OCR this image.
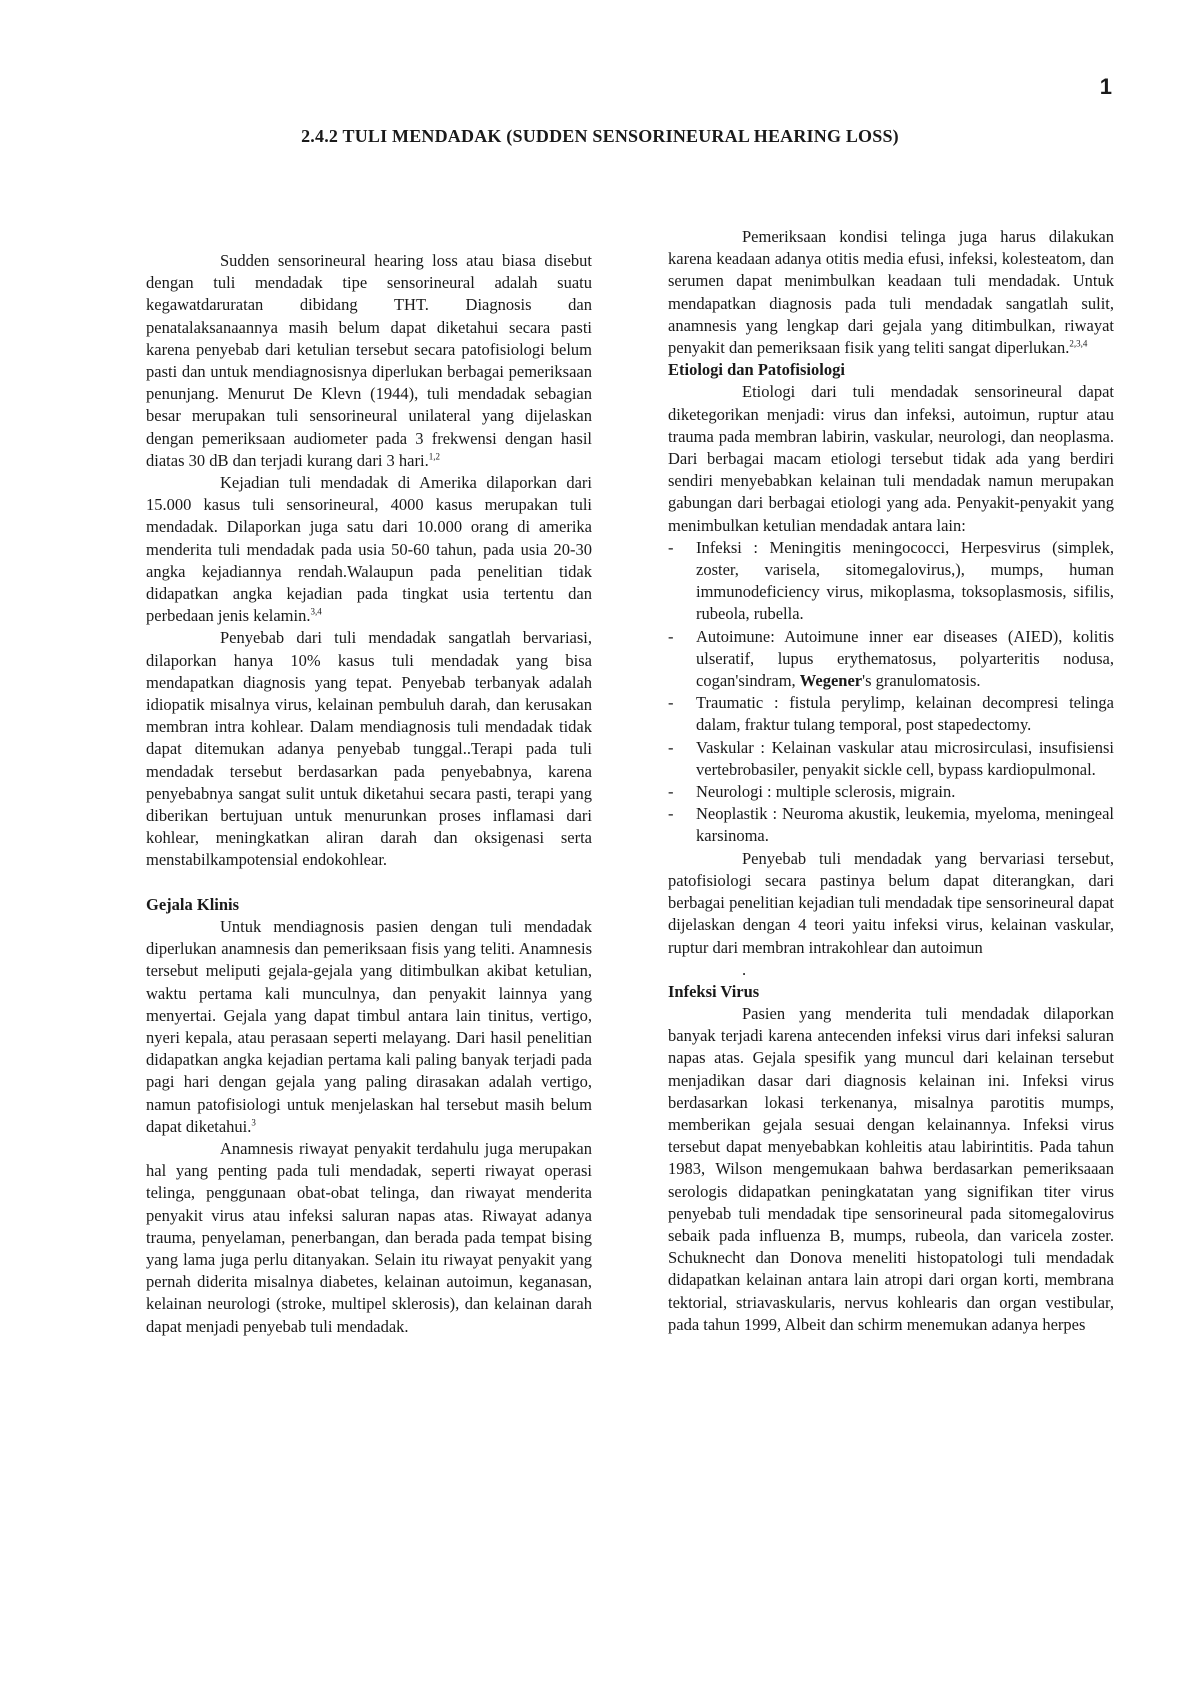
1
2.4.2 TULI MENDADAK (SUDDEN SENSORINEURAL HEARING LOSS)

Sudden sensorineural hearing loss atau biasa disebut dengan tuli mendadak tipe sensorineural adalah suatu kegawatdaruratan dibidang THT. Diagnosis dan penatalaksanaannya masih belum dapat diketahui secara pasti karena penyebab dari ketulian tersebut secara patofisiologi belum pasti dan untuk mendiagnosisnya diperlukan berbagai pemeriksaan penunjang. Menurut De Klevn (1944), tuli mendadak sebagian besar merupakan tuli sensorineural unilateral yang dijelaskan dengan pemeriksaan audiometer pada 3 frekwensi dengan hasil diatas 30 dB dan terjadi kurang dari 3 hari.$^{1,2}$

Kejadian tuli mendadak di Amerika dilaporkan dari 15.000 kasus tuli sensorineural, 4000 kasus merupakan tuli mendadak. Dilaporkan juga satu dari 10.000 orang di amerika menderita tuli mendadak pada usia 50-60 tahun, pada usia 20-30 angka kejadiannya rendah.Walaupun pada penelitian tidak didapatkan angka kejadian pada tingkat usia tertentu dan perbedaan jenis kelamin.$^{3,4}$

Penyebab dari tuli mendadak sangatlah bervariasi, dilaporkan hanya 10% kasus tuli mendadak yang bisa mendapatkan diagnosis yang tepat. Penyebab terbanyak adalah idiopatik misalnya virus, kelainan pembuluh darah, dan kerusakan membran intra kohlear. Dalam mendiagnosis tuli mendadak tidak dapat ditemukan adanya penyebab tunggal..Terapi pada tuli mendadak tersebut berdasarkan pada penyebabnya, karena penyebabnya sangat sulit untuk diketahui secara pasti, terapi yang diberikan bertujuan untuk menurunkan proses inflamasi dari kohlear, meningkatkan aliran darah dan oksigenasi serta menstabilkampotensial endokohlear.

Gejala Klinis

Untuk mendiagnosis pasien dengan tuli mendadak diperlukan anamnesis dan pemeriksaan fisis yang teliti. Anamnesis tersebut meliputi gejala-gejala yang ditimbulkan akibat ketulian, waktu pertama kali munculnya, dan penyakit lainnya yang menyertai. Gejala yang dapat timbul antara lain tinitus, vertigo, nyeri kepala, atau perasaan seperti melayang. Dari hasil penelitian didapatkan angka kejadian pertama kali paling banyak terjadi pada pagi hari dengan gejala yang paling dirasakan adalah vertigo, namun patofisiologi untuk menjelaskan hal tersebut masih belum dapat diketahui.$^3$

Anamnesis riwayat penyakit terdahulu juga merupakan hal yang penting pada tuli mendadak, seperti riwayat operasi telinga, penggunaan obat-obat telinga, dan riwayat menderita penyakit virus atau infeksi saluran napas atas. Riwayat adanya trauma, penyelaman, penerbangan, dan berada pada tempat bising yang lama juga perlu ditanyakan. Selain itu riwayat penyakit yang pernah diderita misalnya diabetes, kelainan autoimun, keganasan, kelainan neurologi (stroke, multipel sklerosis), dan kelainan darah dapat menjadi penyebab tuli mendadak.

Pemeriksaan kondisi telinga juga harus dilakukan karena keadaan adanya otitis media efusi, infeksi, kolesteatom, dan serumen dapat menimbulkan keadaan tuli mendadak. Untuk mendapatkan diagnosis pada tuli mendadak sangatlah sulit, anamnesis yang lengkap dari gejala yang ditimbulkan, riwayat penyakit dan pemeriksaan fisik yang teliti sangat diperlukan.$^{2,3,4}$

Etiologi dan Patofisiologi

Etiologi dari tuli mendadak sensorineural dapat diketegorikan menjadi: virus dan infeksi, autoimun, ruptur atau trauma pada membran labirin, vaskular, neurologi, dan neoplasma. Dari berbagai macam etiologi tersebut tidak ada yang berdiri sendiri menyebabkan kelainan tuli mendadak namun merupakan gabungan dari berbagai etiologi yang ada. Penyakit-penyakit yang menimbulkan ketulian mendadak antara lain:

- Infeksi : Meningitis meningococci, Herpesvirus (simplek, zoster, varisela, sitomegalovirus,), mumps, human immunodeficiency virus, mikoplasma, toksoplasmosis, sifilis, rubeola, rubella.
- Autoimune: Autoimune inner ear diseases (AIED), kolitis ulseratif, lupus erythematosus, polyarteritis nodusa, cogan'sindram, Wegener's granulomatosis.
- Traumatic : fistula perylimp, kelainan decompresi telinga dalam, fraktur tulang temporal, post stapedectomy.
- Vaskular : Kelainan vaskular atau microsirculasi, insufisiensi vertebrobasiler, penyakit sickle cell, bypass kardiopulmonal.
- Neurologi : multiple sclerosis, migrain.
- Neoplastik : Neuroma akustik, leukemia, myeloma, meningeal karsinoma.

Penyebab tuli mendadak yang bervariasi tersebut, patofisiologi secara pastinya belum dapat diterangkan, dari berbagai penelitian kejadian tuli mendadak tipe sensorineural dapat dijelaskan dengan 4 teori yaitu infeksi virus, kelainan vaskular, ruptur dari membran intrakohlear dan autoimun

.
Infeksi Virus

Pasien yang menderita tuli mendadak dilaporkan banyak terjadi karena antecenden infeksi virus dari infeksi saluran napas atas. Gejala spesifik yang muncul dari kelainan tersebut menjadikan dasar dari diagnosis kelainan ini. Infeksi virus berdasarkan lokasi terkenanya, misalnya parotitis mumps, memberikan gejala sesuai dengan kelainannya. Infeksi virus tersebut dapat menyebabkan kohleitis atau labirintitis. Pada tahun 1983, Wilson mengemukaan bahwa berdasarkan pemeriksaaan serologis didapatkan peningkatatan yang signifikan titer virus penyebab tuli mendadak tipe sensorineural pada sitomegalovirus sebaik pada influenza B, mumps, rubeola, dan varicela zoster. Schuknecht dan Donova meneliti histopatologi tuli mendadak didapatkan kelainan antara lain atropi dari organ korti, membrana tektorial, striavaskularis, nervus kohlearis dan organ vestibular, pada tahun 1999, Albeit dan schirm menemukan adanya herpes
